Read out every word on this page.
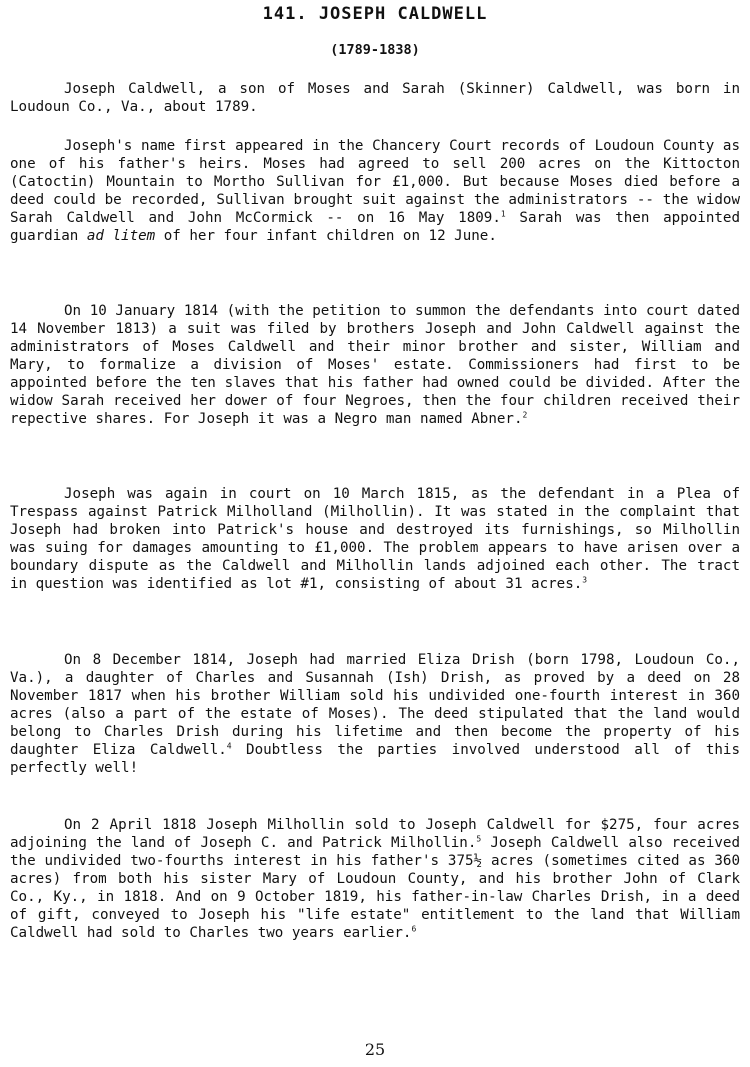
141. JOSEPH CALDWELL
(1789-1838)

Joseph Caldwell, a son of Moses and Sarah (Skinner) Caldwell, was born in Loudoun Co., Va., about 1789.

Joseph's name first appeared in the Chancery Court records of Loudoun County as one of his father's heirs. Moses had agreed to sell 200 acres on the Kittocton (Catoctin) Mountain to Mortho Sullivan for £1,000. But because Moses died before a deed could be recorded, Sullivan brought suit against the administrators -- the widow Sarah Caldwell and John McCormick -- on 16 May 1809.$^1$ Sarah was then appointed guardian ad litem of her four infant children on 12 June.

On 10 January 1814 (with the petition to summon the defendants into court dated 14 November 1813) a suit was filed by brothers Joseph and John Caldwell against the administrators of Moses Caldwell and their minor brother and sister, William and Mary, to formalize a division of Moses' estate. Commissioners had first to be appointed before the ten slaves that his father had owned could be divided. After the widow Sarah received her dower of four Negroes, then the four children received their repective shares. For Joseph it was a Negro man named Abner.$^2$

Joseph was again in court on 10 March 1815, as the defendant in a Plea of Trespass against Patrick Milholland (Milhollin). It was stated in the complaint that Joseph had broken into Patrick's house and destroyed its furnishings, so Milhollin was suing for damages amounting to £1,000. The problem appears to have arisen over a boundary dispute as the Caldwell and Milhollin lands adjoined each other. The tract in question was identified as lot #1, consisting of about 31 acres.$^3$

On 8 December 1814, Joseph had married Eliza Drish (born 1798, Loudoun Co., Va.), a daughter of Charles and Susannah (Ish) Drish, as proved by a deed on 28 November 1817 when his brother William sold his undivided one-fourth interest in 360 acres (also a part of the estate of Moses). The deed stipulated that the land would belong to Charles Drish during his lifetime and then become the property of his daughter Eliza Caldwell.$^4$ Doubtless the parties involved understood all of this perfectly well!

On 2 April 1818 Joseph Milhollin sold to Joseph Caldwell for $275, four acres adjoining the land of Joseph C. and Patrick Milhollin.$^5$ Joseph Caldwell also received the undivided two-fourths interest in his father's 375½ acres (sometimes cited as 360 acres) from both his sister Mary of Loudoun County, and his brother John of Clark Co., Ky., in 1818. And on 9 October 1819, his father-in-law Charles Drish, in a deed of gift, conveyed to Joseph his "life estate" entitlement to the land that William Caldwell had sold to Charles two years earlier.$^6$

25
